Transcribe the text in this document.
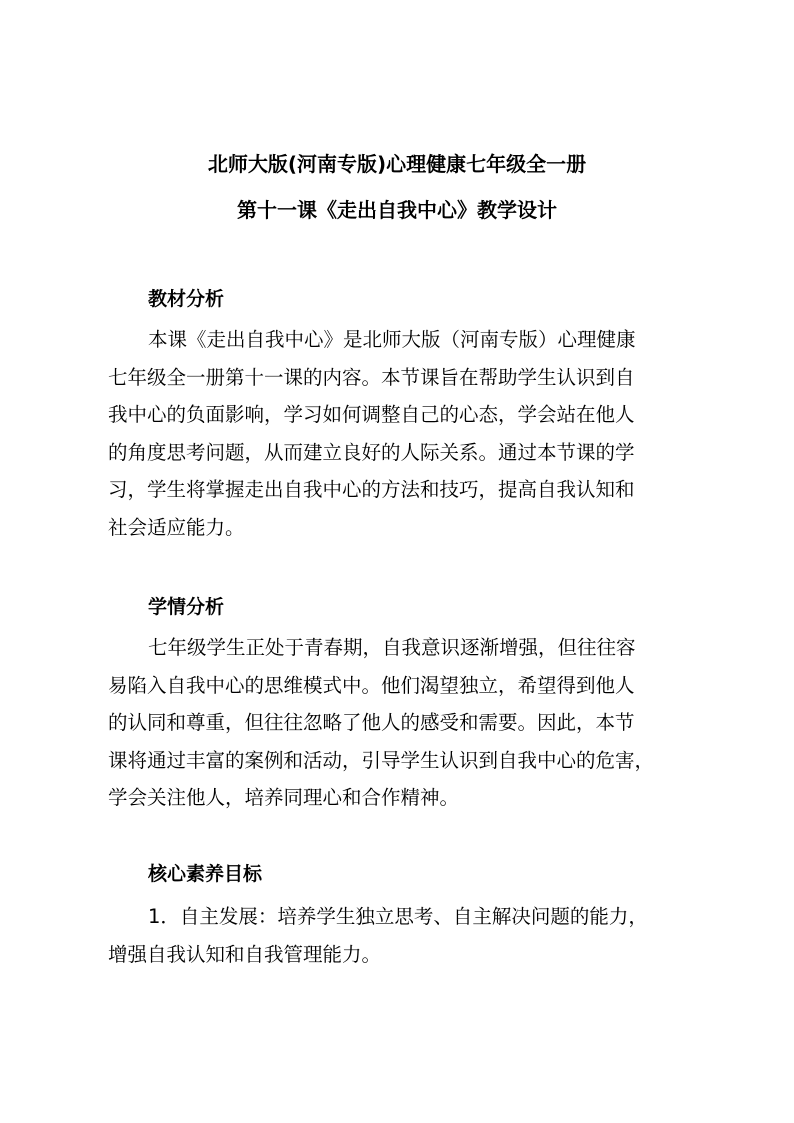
北师大版(河南专版)心理健康七年级全一册
第十一课《走出自我中心》教学设计
教材分析
本课《走出自我中心》是北师大版（河南专版）心理健康
七年级全一册第十一课的内容。本节课旨在帮助学生认识到自
我中心的负面影响，学习如何调整自己的心态，学会站在他人
的角度思考问题，从而建立良好的人际关系。通过本节课的学
习，学生将掌握走出自我中心的方法和技巧，提高自我认知和
社会适应能力。
学情分析
七年级学生正处于青春期，自我意识逐渐增强，但往往容
易陷入自我中心的思维模式中。他们渴望独立，希望得到他人
的认同和尊重，但往往忽略了他人的感受和需要。因此，本节
课将通过丰富的案例和活动，引导学生认识到自我中心的危害，
学会关注他人，培养同理心和合作精神。
核心素养目标
1．自主发展：培养学生独立思考、自主解决问题的能力，
增强自我认知和自我管理能力。
